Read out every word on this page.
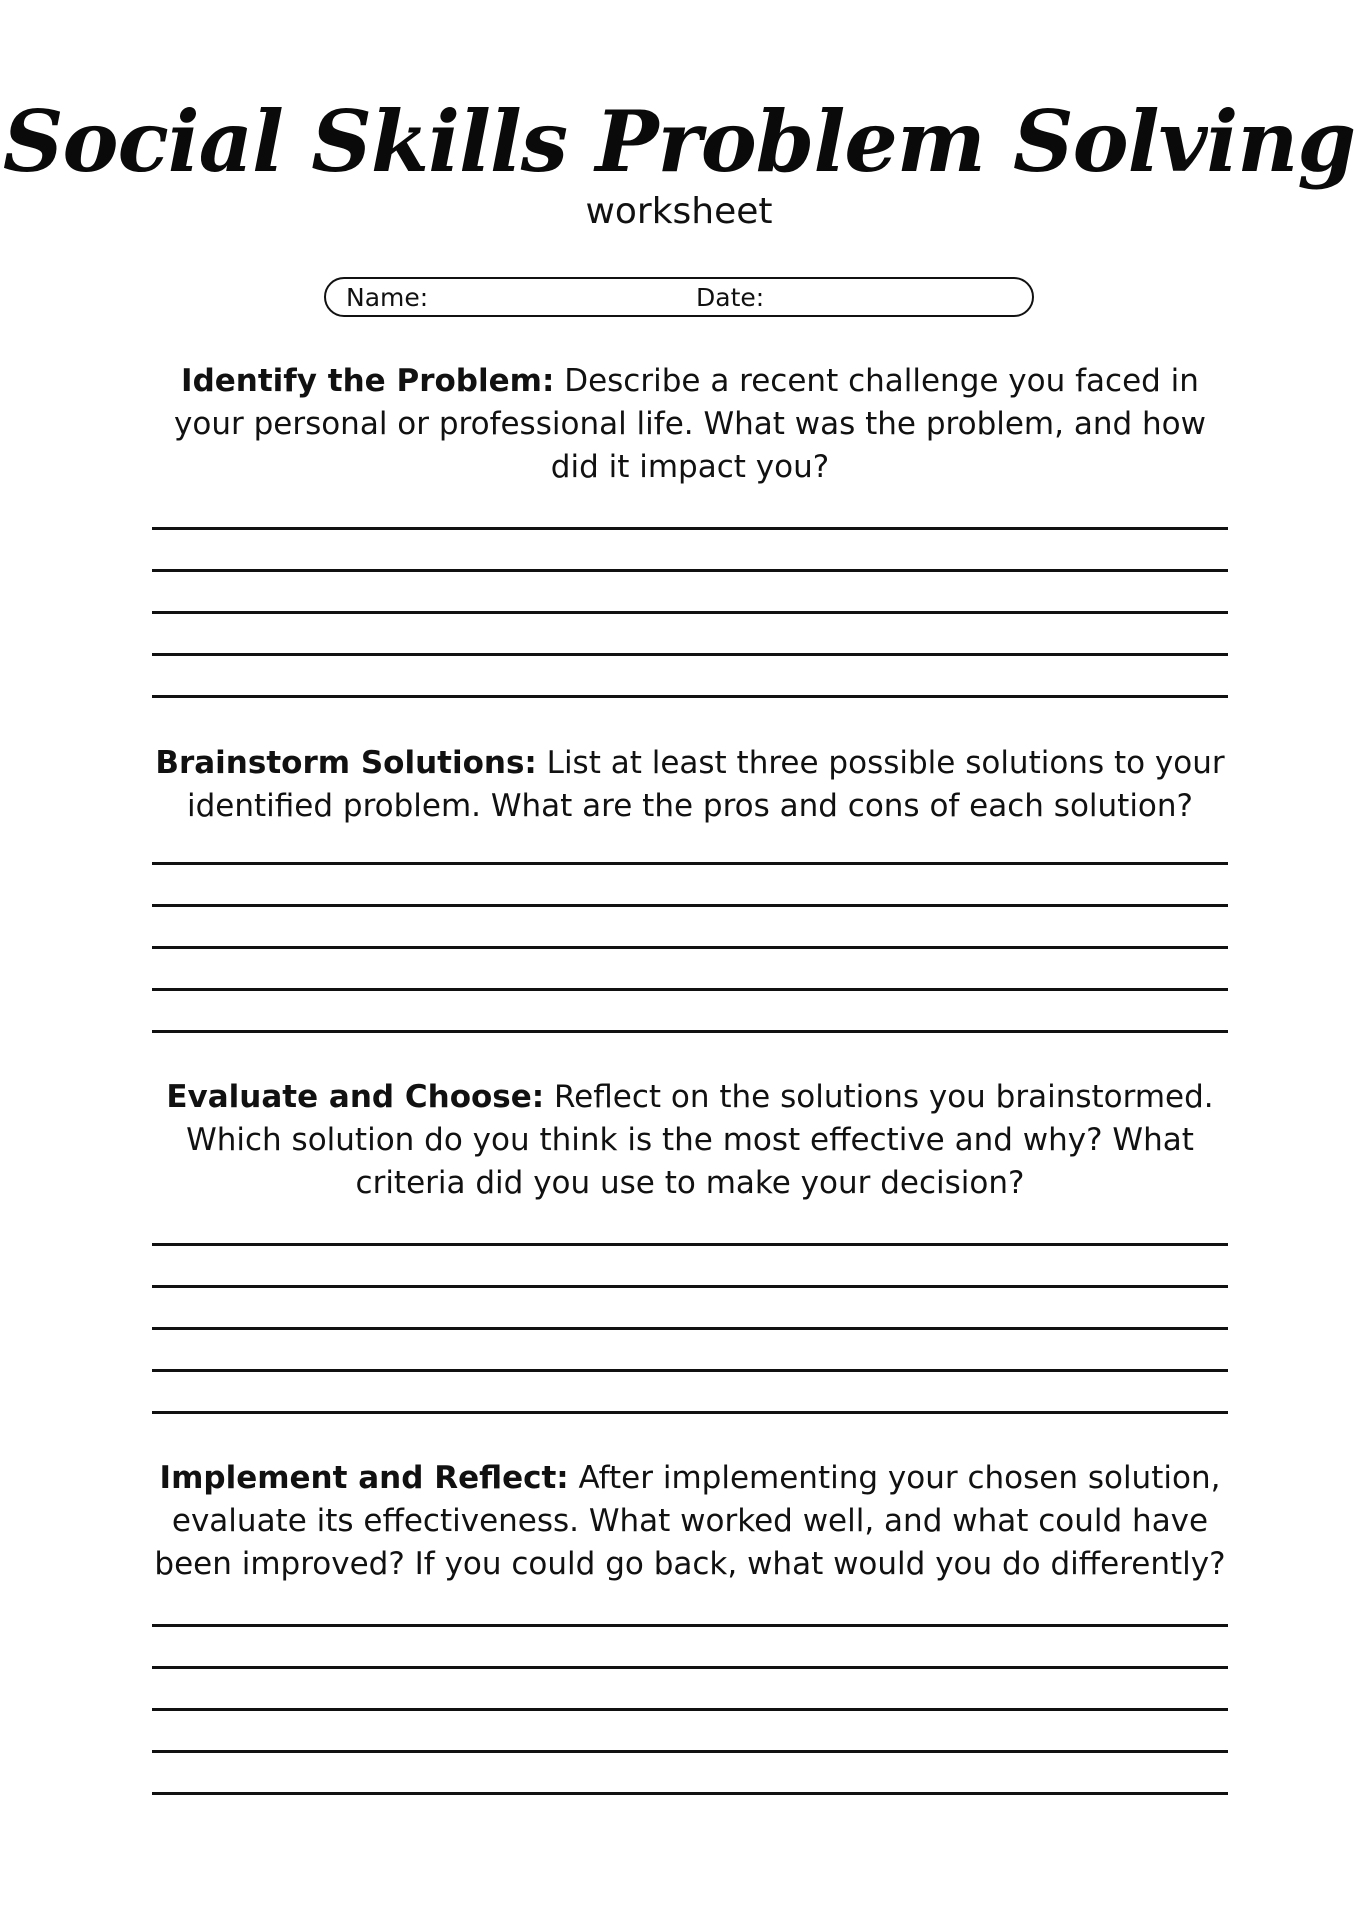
Social Skills Problem Solving
worksheet
Name:	Date:

Identify the Problem: Describe a recent challenge you faced in your personal or professional life. What was the problem, and how did it impact you?

Brainstorm Solutions: List at least three possible solutions to your identified problem. What are the pros and cons of each solution?

Evaluate and Choose: Reflect on the solutions you brainstormed. Which solution do you think is the most effective and why? What criteria did you use to make your decision?

Implement and Reflect: After implementing your chosen solution, evaluate its effectiveness. What worked well, and what could have been improved? If you could go back, what would you do differently?
